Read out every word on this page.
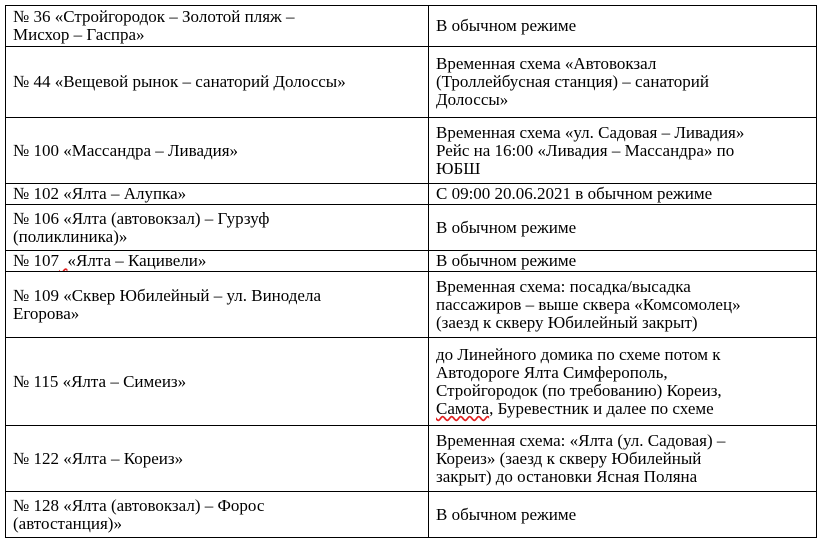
№ 36 «Стройгородок – Золотой пляж –
Мисхор – Гаспра»	В обычном режиме
№ 44 «Вещевой рынок – санаторий Долоссы»	Временная схема «Автовокзал
(Троллейбусная станция) – санаторий
Долоссы»
№ 100 «Массандра – Ливадия»	Временная схема «ул. Садовая – Ливадия»
Рейс на 16:00 «Ливадия – Массандра» по
ЮБШ
№ 102 «Ялта – Алупка»	С 09:00 20.06.2021 в обычном режиме
№ 106 «Ялта (автовокзал) – Гурзуф
(поликлиника)»	В обычном режиме
№ 107 «Ялта – Кацивели»	В обычном режиме
№ 109 «Сквер Юбилейный – ул. Винодела
Егорова»	Временная схема: посадка/высадка
пассажиров – выше сквера «Комсомолец»
(заезд к скверу Юбилейный закрыт)
№ 115 «Ялта – Симеиз»	до Линейного домика по схеме потом к
Автодороге Ялта Симферополь,
Стройгородок (по требованию) Кореиз,
Самота, Буревестник и далее по схеме

№ 122 «Ялта – Кореиз»	Временная схема: «Ялта (ул. Садовая) –
Кореиз» (заезд к скверу Юбилейный
закрыт) до остановки Ясная Поляна
№ 128 «Ялта (автовокзал) – Форос
(автостанция)»	В обычном режиме
